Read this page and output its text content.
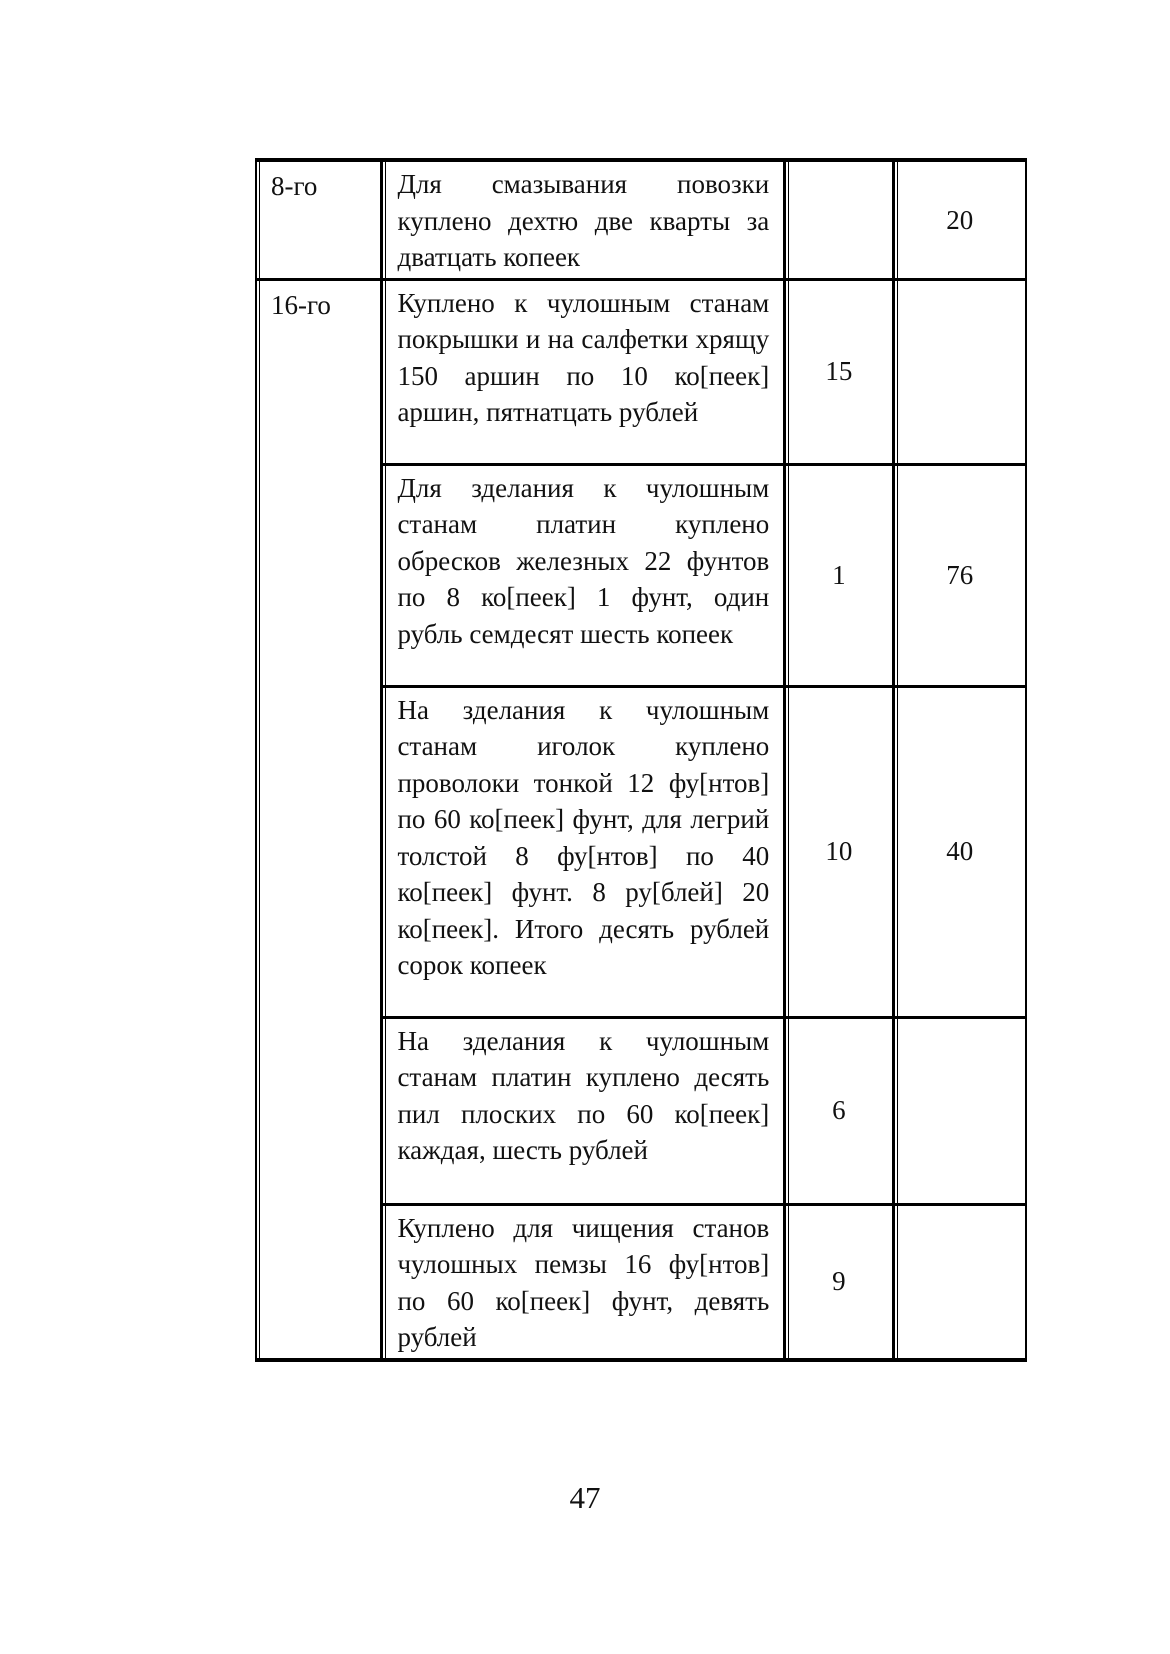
8-го	Для смазывания повозки куплено дехтю две кварты за дватцать копеек		20
16-го	Куплено к чулошным станам покрышки и на салфетки хрящу 150 аршин по 10 ко[пеек] аршин, пятнатцать рублей	15	
	Для зделания к чулошным станам платин куплено обресков железных 22 фунтов по 8 ко[пеек] 1 фунт, один рубль семдесят шесть копеек	1	76
	На зделания к чулошным станам иголок куплено проволоки тонкой 12 фу[нтов] по 60 ко[пеек] фунт, для легрий толстой 8 фу[нтов] по 40 ко[пеек] фунт. 8 ру[блей] 20 ко[пеек]. Итого десять рублей сорок копеек	10	40
	На зделания к чулошным станам платин куплено десять пил плоских по 60 ко[пеек] каждая, шесть рублей	6	
	Куплено для чищения станов чулошных пемзы 16 фу[нтов] по 60 ко[пеек] фунт, девять рублей	9	
47
